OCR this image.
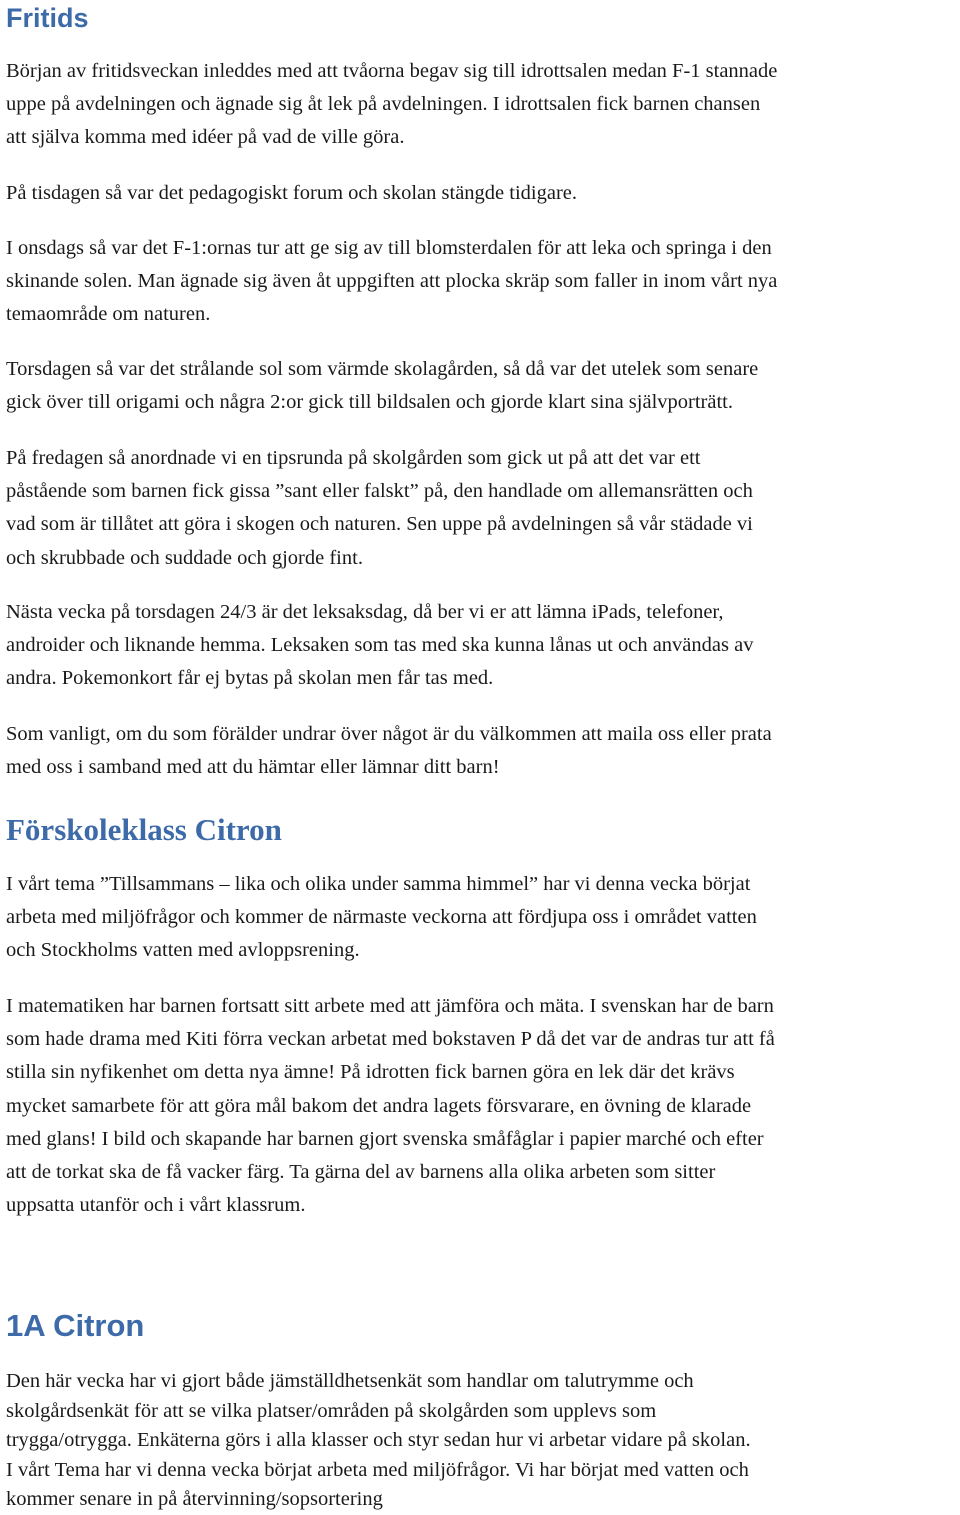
Fritids

Början av fritidsveckan inleddes med att tvåorna begav sig till idrottsalen medan F-1 stannade
uppe på avdelningen och ägnade sig åt lek på avdelningen. I idrottsalen fick barnen chansen
att själva komma med idéer på vad de ville göra.

På tisdagen så var det pedagogiskt forum och skolan stängde tidigare.

I onsdags så var det F-1:ornas tur att ge sig av till blomsterdalen för att leka och springa i den
skinande solen. Man ägnade sig även åt uppgiften att plocka skräp som faller in inom vårt nya
temaområde om naturen.

Torsdagen så var det strålande sol som värmde skolagården, så då var det utelek som senare
gick över till origami och några 2:or gick till bildsalen och gjorde klart sina självporträtt.

På fredagen så anordnade vi en tipsrunda på skolgården som gick ut på att det var ett
påstående som barnen fick gissa ”sant eller falskt” på, den handlade om allemansrätten och
vad som är tillåtet att göra i skogen och naturen. Sen uppe på avdelningen så vår städade vi
och skrubbade och suddade och gjorde fint.

Nästa vecka på torsdagen 24/3 är det leksaksdag, då ber vi er att lämna iPads, telefoner,
androider och liknande hemma. Leksaken som tas med ska kunna lånas ut och användas av
andra. Pokemonkort får ej bytas på skolan men får tas med.

Som vanligt, om du som förälder undrar över något är du välkommen att maila oss eller prata
med oss i samband med att du hämtar eller lämnar ditt barn!

Förskoleklass Citron

I vårt tema ”Tillsammans – lika och olika under samma himmel” har vi denna vecka börjat
arbeta med miljöfrågor och kommer de närmaste veckorna att fördjupa oss i området vatten
och Stockholms vatten med avloppsrening.

I matematiken har barnen fortsatt sitt arbete med att jämföra och mäta. I svenskan har de barn
som hade drama med Kiti förra veckan arbetat med bokstaven P då det var de andras tur att få
stilla sin nyfikenhet om detta nya ämne! På idrotten fick barnen göra en lek där det krävs
mycket samarbete för att göra mål bakom det andra lagets försvarare, en övning de klarade
med glans! I bild och skapande har barnen gjort svenska småfåglar i papier marché och efter
att de torkat ska de få vacker färg. Ta gärna del av barnens alla olika arbeten som sitter
uppsatta utanför och i vårt klassrum.

1A Citron

Den här vecka har vi gjort både jämställdhetsenkät som handlar om talutrymme och
skolgårdsenkät för att se vilka platser/områden på skolgården som upplevs som
trygga/otrygga. Enkäterna görs i alla klasser och styr sedan hur vi arbetar vidare på skolan.
I vårt Tema har vi denna vecka börjat arbeta med miljöfrågor. Vi har börjat med vatten och
kommer senare in på återvinning/sopsortering
